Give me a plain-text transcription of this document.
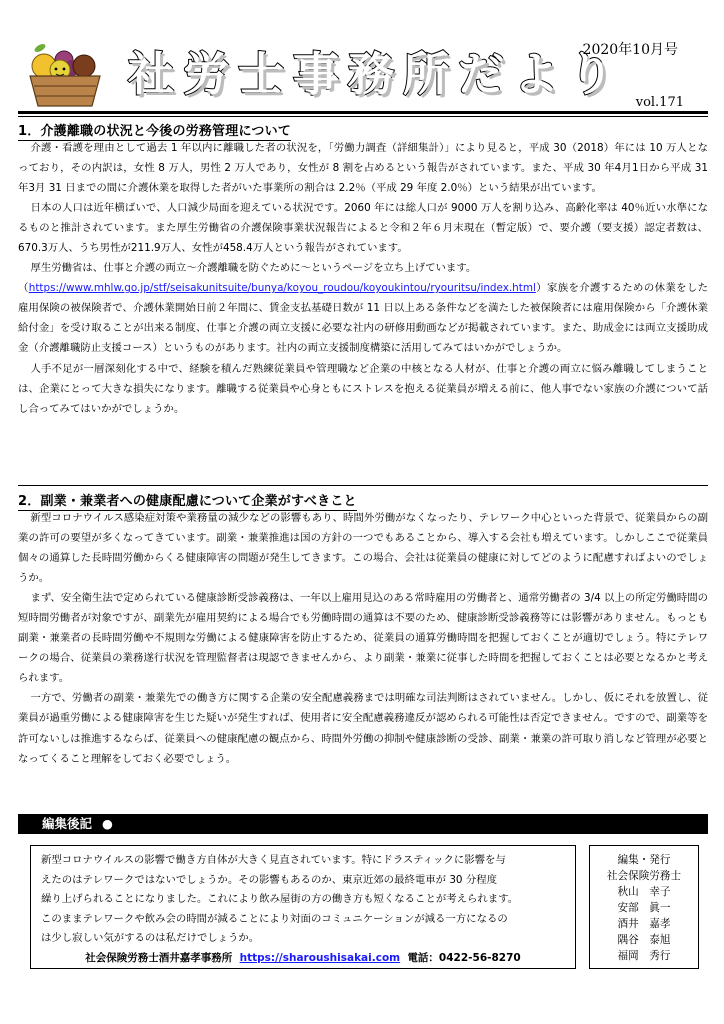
社労士事務所だより
2020年10月号
vol.171
1．介護離職の状況と今後の労務管理について

介護・看護を理由として過去 1 年以内に離職した者の状況を，「労働力調査（詳細集計）」により見ると，平成 30（2018）年には 10 万人となっており，その内訳は，女性 8 万人，男性 2 万人であり，女性が 8 割を占めるという報告がされています。また、平成 30 年4月1日から平成 31 年3月 31 日までの間に介護休業を取得した者がいた事業所の割合は 2.2％（平成 29 年度 2.0％）という結果が出ています。

日本の人口は近年横ばいで、人口減少局面を迎えている状況です。2060 年には総人口が 9000 万人を割り込み、高齢化率は 40％近い水準になるものと推計されています。また厚生労働省の介護保険事業状況報告によると令和２年６月末現在（暫定版）で、要介護（要支援）認定者数は、670.3万人、うち男性が211.9万人、女性が458.4万人という報告がされています。

厚生労働省は、仕事と介護の両立～介護離職を防ぐために～というページを立ち上げています。

（https://www.mhlw.go.jp/stf/seisakunitsuite/bunya/koyou_roudou/koyoukintou/ryouritsu/index.html）家族を介護するための休業をした雇用保険の被保険者で、介護休業開始日前２年間に、賃金支払基礎日数が 11 日以上ある条件などを満たした被保険者には雇用保険から「介護休業給付金」を受け取ることが出来る制度、仕事と介護の両立支援に必要な社内の研修用動画などが掲載されています。また、助成金には両立支援助成金（介護離職防止支援コース）というものがあります。社内の両立支援制度構築に活用してみてはいかがでしょうか。

人手不足が一層深刻化する中で、経験を積んだ熟練従業員や管理職など企業の中核となる人材が、仕事と介護の両立に悩み離職してしまうことは、企業にとって大きな損失になります。離職する従業員や心身ともにストレスを抱える従業員が増える前に、他人事でない家族の介護について話し合ってみてはいかがでしょうか。

2．副業・兼業者への健康配慮について企業がすべきこと

新型コロナウイルス感染症対策や業務量の減少などの影響もあり、時間外労働がなくなったり、テレワーク中心といった背景で、従業員からの副業の許可の要望が多くなってきています。副業・兼業推進は国の方針の一つでもあることから、導入する会社も増えています。しかしここで従業員個々の通算した長時間労働からくる健康障害の問題が発生してきます。この場合、会社は従業員の健康に対してどのように配慮すればよいのでしょうか。

まず、安全衛生法で定められている健康診断受診義務は、一年以上雇用見込のある常時雇用の労働者と、通常労働者の 3/4 以上の所定労働時間の短時間労働者が対象ですが、副業先が雇用契約による場合でも労働時間の通算は不要のため、健康診断受診義務等には影響がありません。もっとも副業・兼業者の長時間労働や不規則な労働による健康障害を防止するため、従業員の通算労働時間を把握しておくことが適切でしょう。特にテレワークの場合、従業員の業務遂行状況を管理監督者は現認できませんから、より副業・兼業に従事した時間を把握しておくことは必要となるかと考えられます。

一方で、労働者の副業・兼業先での働き方に関する企業の安全配慮義務までは明確な司法判断はされていません。しかし、仮にそれを放置し、従業員が過重労働による健康障害を生じた疑いが発生すれば、使用者に安全配慮義務違反が認められる可能性は否定できません。ですので、副業等を許可ないしは推進するならば、従業員への健康配慮の観点から、時間外労働の抑制や健康診断の受診、副業・兼業の許可取り消しなど管理が必要となってくること理解をしておく必要でしょう。

編集後記 ●

新型コロナウイルスの影響で働き方自体が大きく見直されています。特にドラスティックに影響を与

えたのはテレワークではないでしょうか。その影響もあるのか、東京近郊の最終電車が 30 分程度

繰り上げられることになりました。これにより飲み屋街の方の働き方も短くなることが考えられます。

このままテレワークや飲み会の時間が減ることにより対面のコミュニケーションが減る一方になるの

は少し寂しい気がするのは私だけでしょうか。

社会保険労務士酒井嘉孝事務所 https://sharoushisakai.com 電話：0422-56-8270
編集・発行
社会保険労務士
秋山　幸子
安部　眞一
酒井　嘉孝
隅谷　泰旭
福岡　秀行
